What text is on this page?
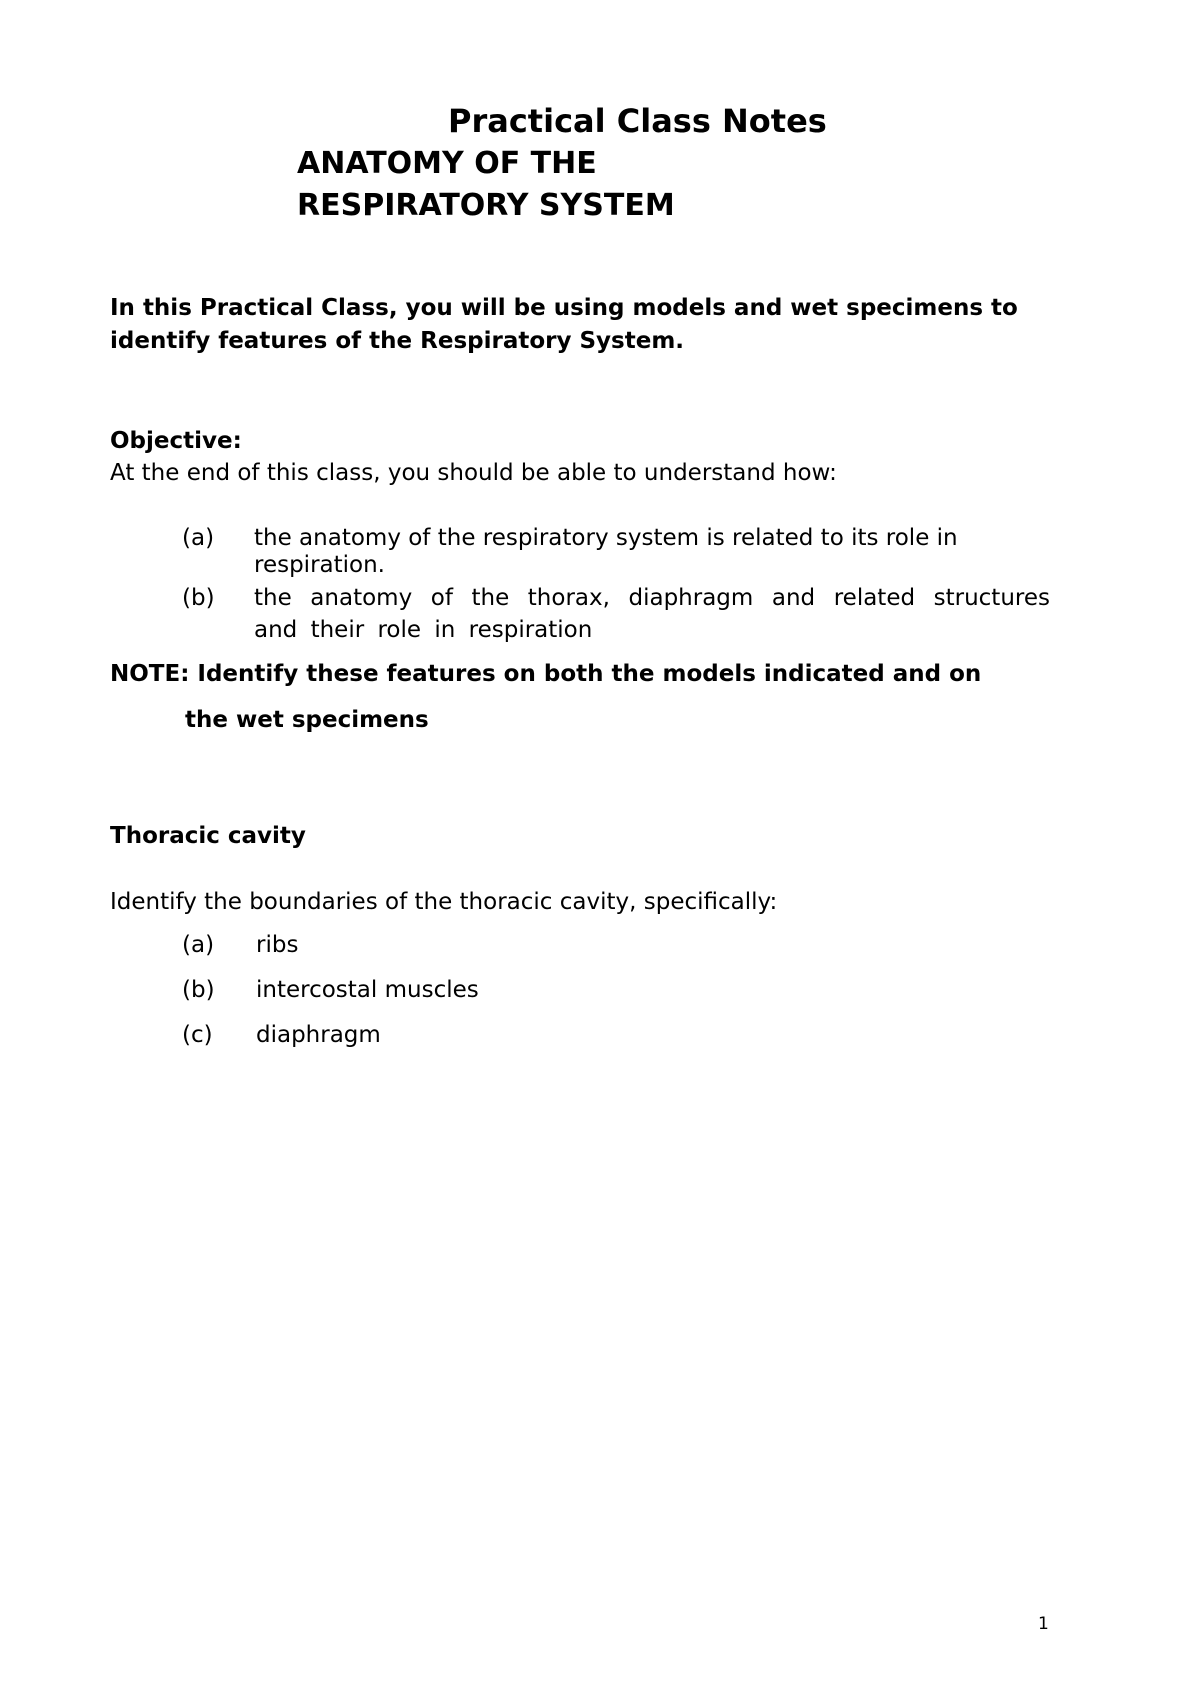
Practical Class Notes
ANATOMY OF THE
RESPIRATORY SYSTEM
In this Practical Class, you will be using models and wet specimens to
identify features of the Respiratory System.
Objective:
At the end of this class, you should be able to understand how:
(a) the anatomy of the respiratory system is related to its role in
respiration.
(b) the anatomy of the thorax, diaphragm and related structures
and their role in respiration
NOTE: Identify these features on both the models indicated and on
the wet specimens
Thoracic cavity
Identify the boundaries of the thoracic cavity, specifically:
(a) ribs
(b) intercostal muscles
(c) diaphragm
1
